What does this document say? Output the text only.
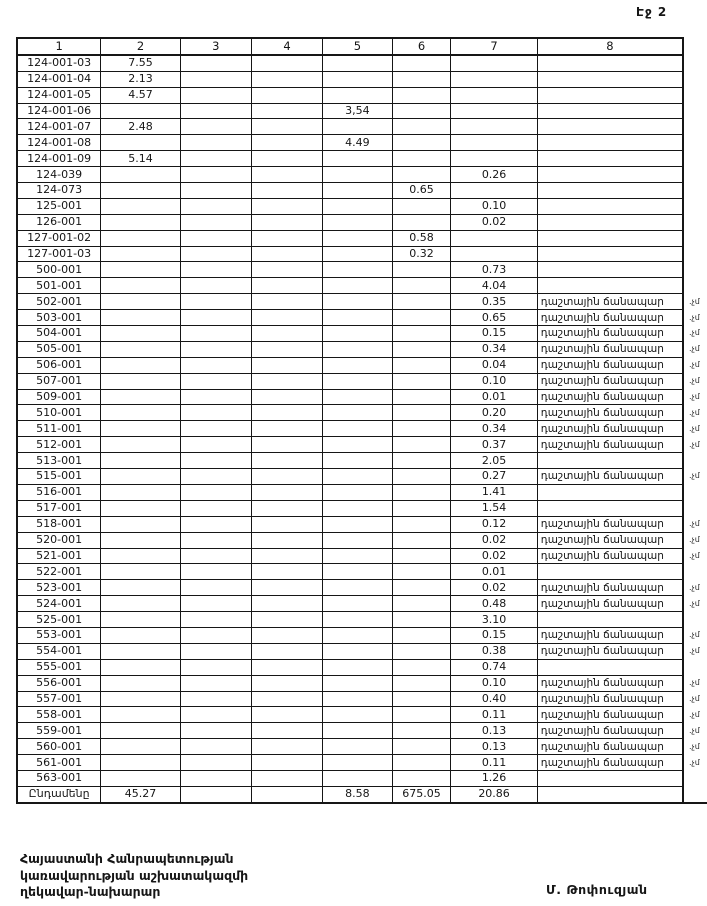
Էջ 2
1	2	3	4	5	6	7	8	
124-001-03	7.55							
124-001-04	2.13							
124-001-05	4.57							
124-001-06				3,54				
124-001-07	2.48							
124-001-08				4.49				
124-001-09	5.14							
124-039						0.26		
124-073					0.65			
125-001						0.10		
126-001						0.02		
127-001-02					0.58			
127-001-03					0.32			
500-001						0.73		
501-001						4.04		
502-001						0.35	դաշտային ճանապար	.չմ
503-001						0.65	դաշտային ճանապար	.չմ
504-001						0.15	դաշտային ճանապար	.չմ
505-001						0.34	դաշտային ճանապար	.չմ
506-001						0.04	դաշտային ճանապար	.չմ
507-001						0.10	դաշտային ճանապար	.չմ
509-001						0.01	դաշտային ճանապար	.չմ
510-001						0.20	դաշտային ճանապար	.չմ
511-001						0.34	դաշտային ճանապար	.չմ
512-001						0.37	դաշտային ճանապար	.չմ
513-001						2.05		
515-001						0.27	դաշտային ճանապար	.չմ
516-001						1.41		
517-001						1.54		
518-001						0.12	դաշտային ճանապար	.չմ
520-001						0.02	դաշտային ճանապար	.չմ
521-001						0.02	դաշտային ճանապար	.չմ
522-001						0.01		
523-001						0.02	դաշտային ճանապար	.չմ
524-001						0.48	դաշտային ճանապար	.չմ
525-001						3.10		
553-001						0.15	դաշտային ճանապար	.չմ
554-001						0.38	դաշտային ճանապար	.չմ
555-001						0.74		
556-001						0.10	դաշտային ճանապար	.չմ
557-001						0.40	դաշտային ճանապար	.չմ
558-001						0.11	դաշտային ճանապար	.չմ
559-001						0.13	դաշտային ճանապար	.չմ
560-001						0.13	դաշտային ճանապար	.չմ
561-001						0.11	դաշտային ճանապար	.չմ
563-001						1.26		
Ընդամենը	45.27			8.58	675.05	20.86		
Հայաստանի Հանրապետության
կառավարության աշխատակազմի
ղեկավար-նախարար	Մ. Թոփուզյան
